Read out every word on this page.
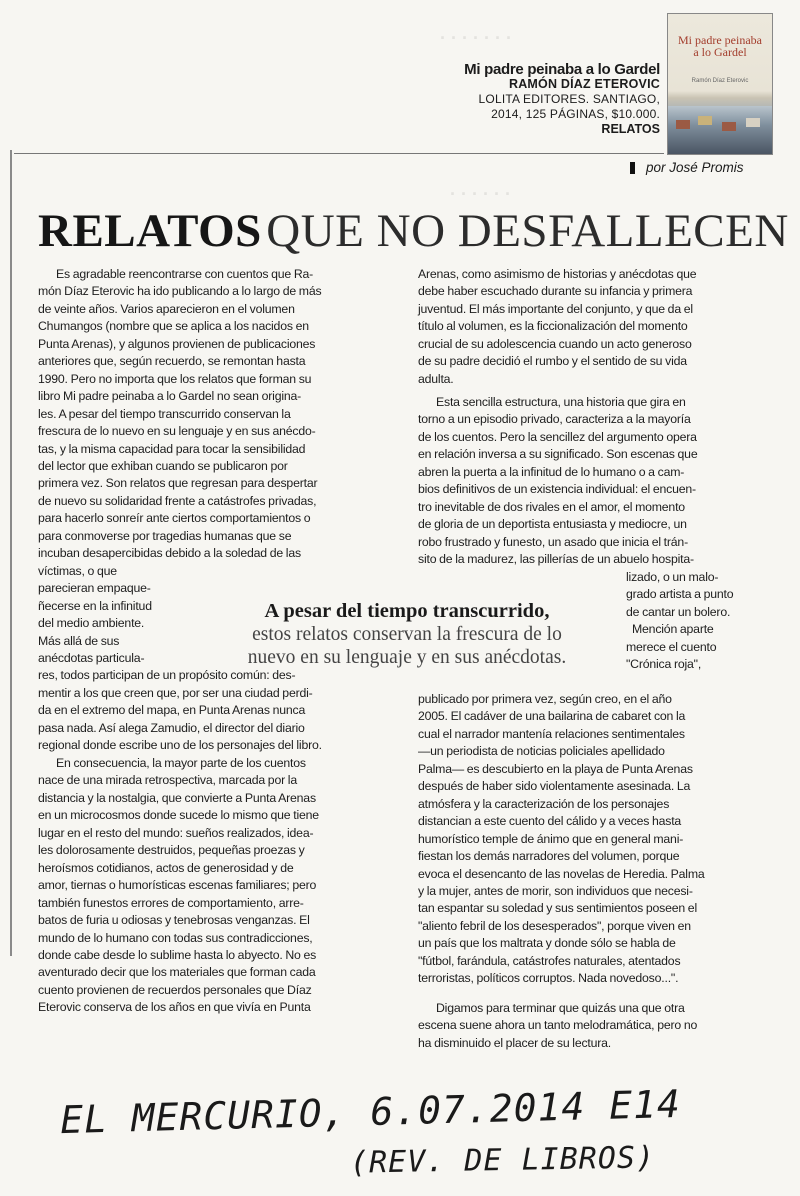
· · · · · · ·
· · · · · ·
Mi padre peinaba a lo Gardel
RAMÓN DÍAZ ETEROVIC
LOLITA EDITORES. SANTIAGO,
2014, 125 PÁGINAS, $10.000.
RELATOS
Mi padre peinaba a lo Gardel
Ramón Díaz Eterovic
por José Promis
RELATOS QUE NO DESFALLECEN
Es agradable reencontrarse con cuentos que Ra-
món Díaz Eterovic ha ido publicando a lo largo de más
de veinte años. Varios aparecieron en el volumen
Chumangos (nombre que se aplica a los nacidos en
Punta Arenas), y algunos provienen de publicaciones
anteriores que, según recuerdo, se remontan hasta
1990. Pero no importa que los relatos que forman su
libro Mi padre peinaba a lo Gardel no sean origina-
les. A pesar del tiempo transcurrido conservan la
frescura de lo nuevo en su lenguaje y en sus anécdo-
tas, y la misma capacidad para tocar la sensibilidad
del lector que exhiban cuando se publicaron por
primera vez. Son relatos que regresan para despertar
de nuevo su solidaridad frente a catástrofes privadas,
para hacerlo sonreír ante ciertos comportamientos o
para conmoverse por tragedias humanas que se
incuban desapercibidas debido a la soledad de las
víctimas, o que
parecieran empaque-
ñecerse en la infinitud
del medio ambiente.
Más allá de sus
anécdotas particula-
res, todos participan de un propósito común: des-
mentir a los que creen que, por ser una ciudad perdi-
da en el extremo del mapa, en Punta Arenas nunca
pasa nada. Así alega Zamudio, el director del diario
regional donde escribe uno de los personajes del libro.
En consecuencia, la mayor parte de los cuentos
nace de una mirada retrospectiva, marcada por la
distancia y la nostalgia, que convierte a Punta Arenas
en un microcosmos donde sucede lo mismo que tiene
lugar en el resto del mundo: sueños realizados, idea-
les dolorosamente destruidos, pequeñas proezas y
heroísmos cotidianos, actos de generosidad y de
amor, tiernas o humorísticas escenas familiares; pero
también funestos errores de comportamiento, arre-
batos de furia u odiosas y tenebrosas venganzas. El
mundo de lo humano con todas sus contradicciones,
donde cabe desde lo sublime hasta lo abyecto. No es
aventurado decir que los materiales que forman cada
cuento provienen de recuerdos personales que Díaz
Eterovic conserva de los años en que vivía en Punta
A pesar del tiempo transcurrido,
estos relatos conservan la frescura de lo
nuevo en su lenguaje y en sus anécdotas.
Arenas, como asimismo de historias y anécdotas que
debe haber escuchado durante su infancia y primera
juventud. El más importante del conjunto, y que da el
título al volumen, es la ficcionalización del momento
crucial de su adolescencia cuando un acto generoso
de su padre decidió el rumbo y el sentido de su vida
adulta.
Esta sencilla estructura, una historia que gira en
torno a un episodio privado, caracteriza a la mayoría
de los cuentos. Pero la sencillez del argumento opera
en relación inversa a su significado. Son escenas que
abren la puerta a la infinitud de lo humano o a cam-
bios definitivos de un existencia individual: el encuen-
tro inevitable de dos rivales en el amor, el momento
de gloria de un deportista entusiasta y mediocre, un
robo frustrado y funesto, un asado que inicia el trán-
sito de la madurez, las pillerías de un abuelo hospita-
lizado, o un malo-
grado artista a punto
de cantar un bolero.
Mención aparte
merece el cuento
"Crónica roja",
publicado por primera vez, según creo, en el año
2005. El cadáver de una bailarina de cabaret con la
cual el narrador mantenía relaciones sentimentales
—un periodista de noticias policiales apellidado
Palma— es descubierto en la playa de Punta Arenas
después de haber sido violentamente asesinada. La
atmósfera y la caracterización de los personajes
distancian a este cuento del cálido y a veces hasta
humorístico temple de ánimo que en general mani-
fiestan los demás narradores del volumen, porque
evoca el desencanto de las novelas de Heredia. Palma
y la mujer, antes de morir, son individuos que necesi-
tan espantar su soledad y sus sentimientos poseen el
"aliento febril de los desesperados", porque viven en
un país que los maltrata y donde sólo se habla de
"fútbol, farándula, catástrofes naturales, atentados
terroristas, políticos corruptos. Nada novedoso...".
Digamos para terminar que quizás una que otra
escena suene ahora un tanto melodramática, pero no
ha disminuido el placer de su lectura.
EL MERCURIO, 6.07.2014 E14
(REV. DE LIBROS)
